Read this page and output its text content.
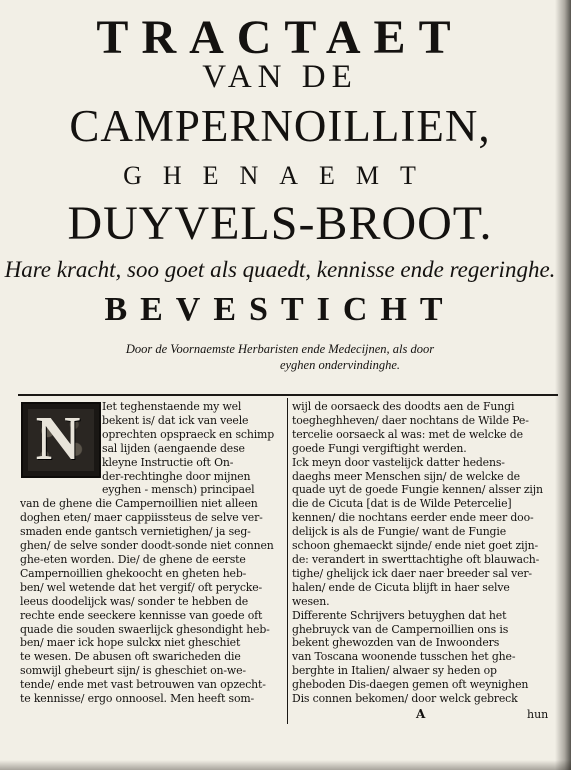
TRACTAET
VAN DE
CAMPERNOILLIEN,
GHENAEMT
DUYVELS-BROOT.
Hare kracht, soo goet als quaedt, kennisse ende regeringhe.
BEVESTICHT
Door de Voornaemste Herbaristen ende Medecijnen, als door
eyghen ondervindinghe.
N	Iet teghenstaende my wel
bekent is/ dat ick van veele
oprechten opspraeck en schimp
sal lijden (aengaende dese
kleyne Instructie oft On-
der-rechtinghe door mijnen
eyghen - mensch) principael
van de ghene die Campernoillien niet alleen
doghen eten/ maer cappiissteus de selve ver-
smaden ende gantsch vernietighen/ ja seg-
ghen/ de selve sonder doodt-sonde niet connen
ghe-eten worden. Die/ de ghene de eerste
Campernoillien ghekoocht en gheten heb-
ben/ wel wetende dat het vergif/ oft perycke-
leeus doodelijck was/ sonder te hebben de
rechte ende seeckere kennisse van goede oft
quade die souden swaerlijck ghesondight heb-
ben/ maer ick hope sulckx niet gheschiet
te wesen. De abusen oft swaricheden die
somwijl ghebeurt sijn/ is gheschiet on-we-
tende/ ende met vast betrouwen van opzecht-
te kennisse/ ergo onnoosel. Men heeft som-
wijl de oorsaeck des doodts aen de Fungi
toegheghheven/ daer nochtans de Wilde Pe-
tercelie oorsaeck al was: met de welcke de
goede Fungi vergiftight werden.
Ick meyn door vastelijck datter hedens-
daeghs meer Menschen sijn/ de welcke de
quade uyt de goede Fungie kennen/ alsser zijn
die de Cicuta [dat is de Wilde Petercelie]
kennen/ die nochtans eerder ende meer doo-
delijck is als de Fungie/ want de Fungie
schoon ghemaeckt sijnde/ ende niet goet zijn-
de: verandert in swerttachtighe oft blauwach-
tighe/ ghelijck ick daer naer breeder sal ver-
halen/ ende de Cicuta blijft in haer selve
wesen.
Differente Schrijvers betuyghen dat het
ghebruyck van de Campernoillien ons is
bekent ghewozden van de Inwoonders
van Toscana woonende tusschen het ghe-
berghte in Italien/ alwaer sy heden op
gheboden Dis-daegen gemen oft weynighen
Dis connen bekomen/ door welck gebreck
A	hun
